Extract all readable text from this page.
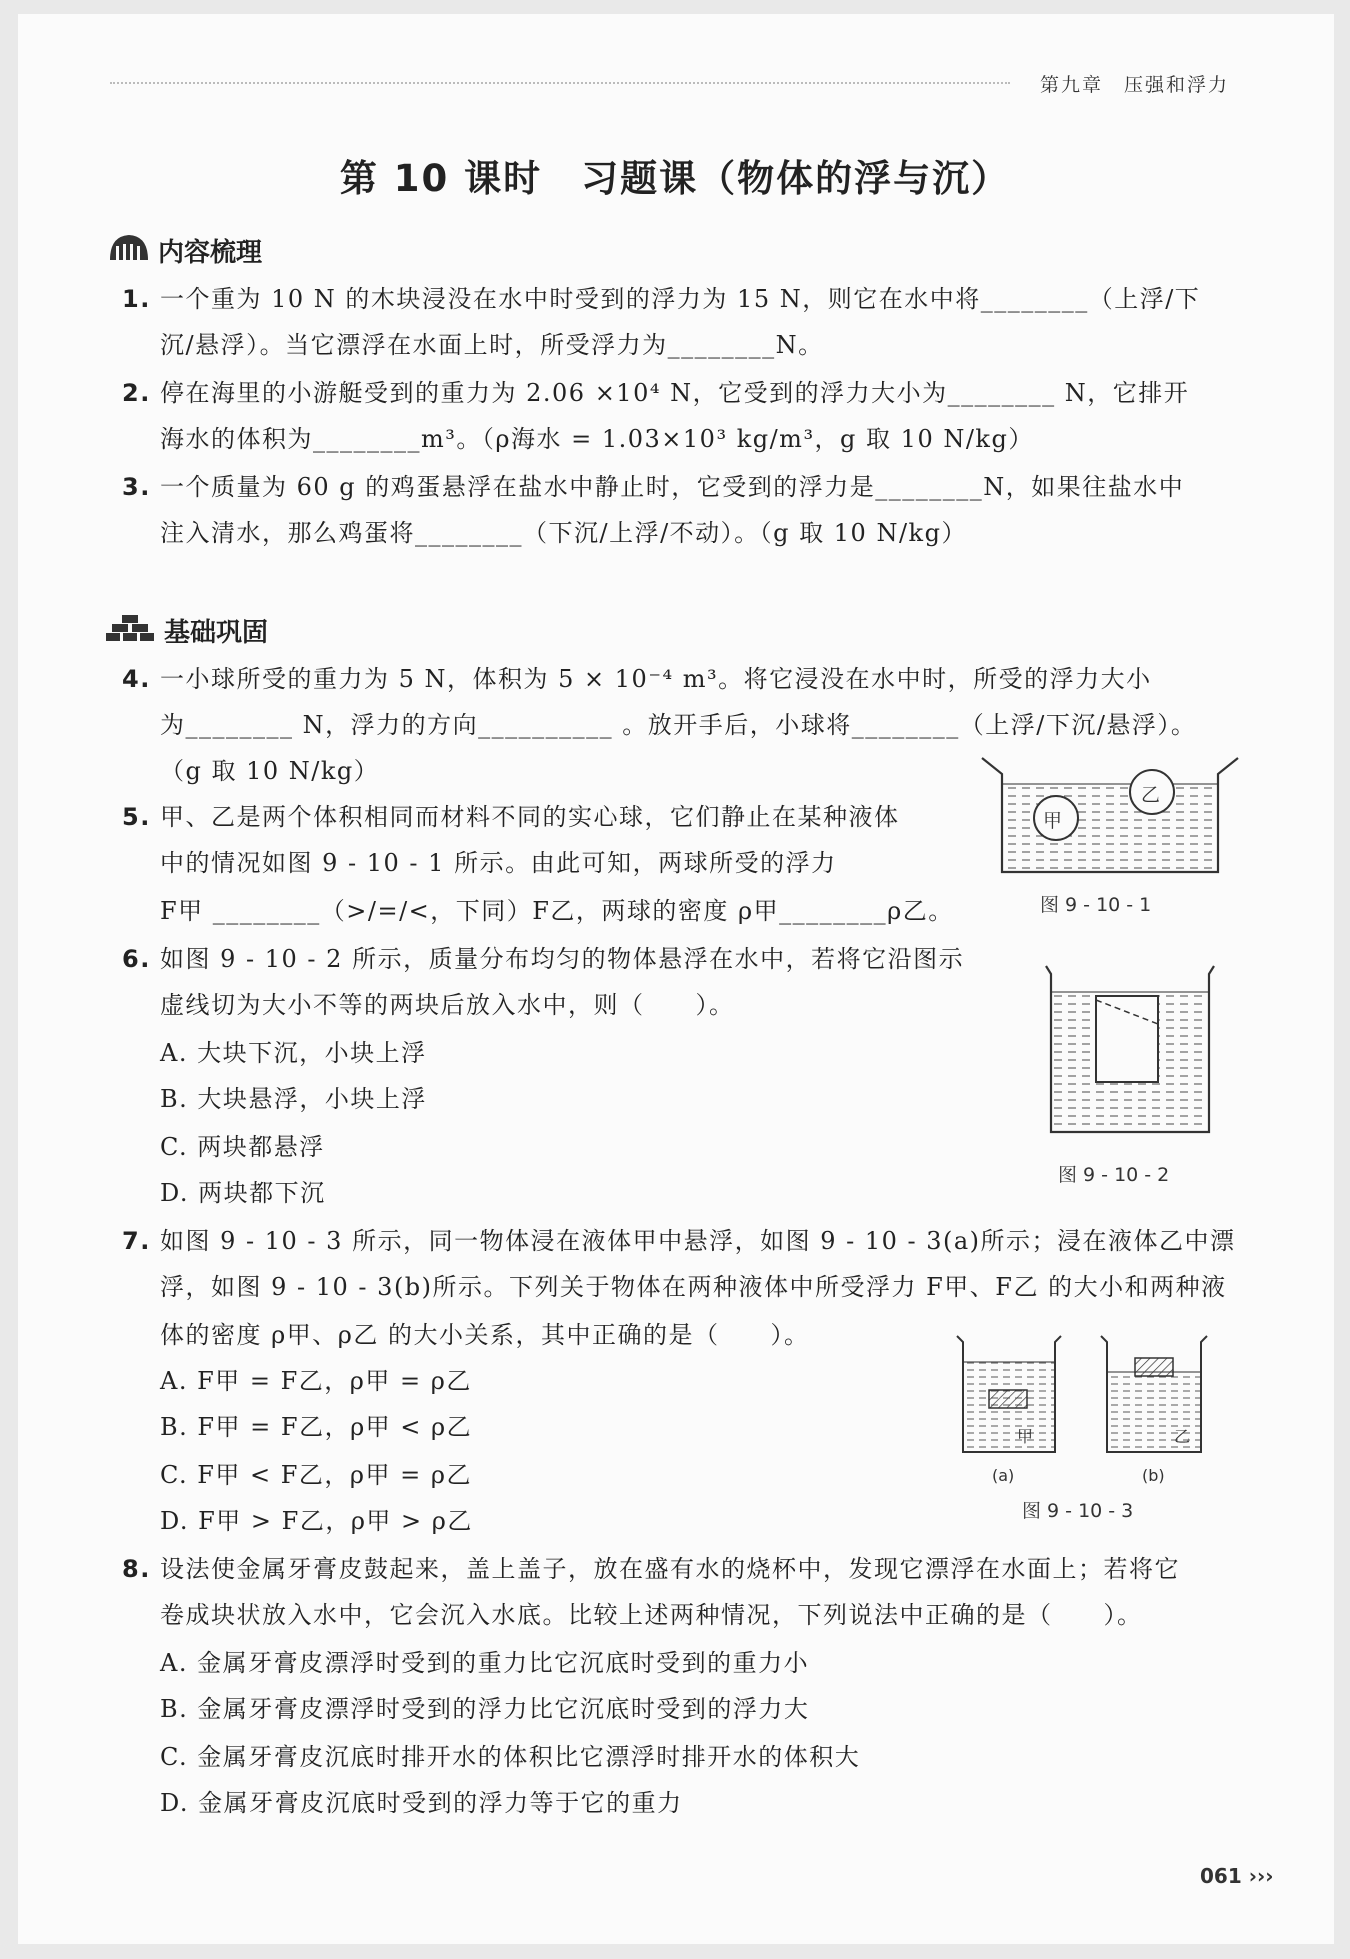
第九章　压强和浮力
第 10 课时　习题课（物体的浮与沉）
内容梳理
1. 一个重为 10 N 的木块浸没在水中时受到的浮力为 15 N，则它在水中将________（上浮/下
沉/悬浮）。当它漂浮在水面上时，所受浮力为________N。
2. 停在海里的小游艇受到的重力为 2.06 ×10⁴ N，它受到的浮力大小为________ N，它排开
海水的体积为________m³。（ρ海水 = 1.03×10³ kg/m³，g 取 10 N/kg）
3. 一个质量为 60 g 的鸡蛋悬浮在盐水中静止时，它受到的浮力是________N，如果往盐水中
注入清水，那么鸡蛋将________（下沉/上浮/不动）。（g 取 10 N/kg）
基础巩固
4. 一小球所受的重力为 5 N，体积为 5 × 10⁻⁴ m³。将它浸没在水中时，所受的浮力大小
为________ N，浮力的方向__________ 。放开手后，小球将________（上浮/下沉/悬浮）。
（g 取 10 N/kg）
甲
乙
图 9 - 10 - 1
5. 甲、乙是两个体积相同而材料不同的实心球，它们静止在某种液体
中的情况如图 9 - 10 - 1 所示。由此可知，两球所受的浮力
F甲 ________（>/=/<，下同）F乙，两球的密度 ρ甲________ρ乙。
6. 如图 9 - 10 - 2 所示，质量分布均匀的物体悬浮在水中，若将它沿图示
虚线切为大小不等的两块后放入水中，则（　　）。
A. 大块下沉，小块上浮
B. 大块悬浮，小块上浮
C. 两块都悬浮
D. 两块都下沉
图 9 - 10 - 2
7. 如图 9 - 10 - 3 所示，同一物体浸在液体甲中悬浮，如图 9 - 10 - 3(a)所示；浸在液体乙中漂
浮，如图 9 - 10 - 3(b)所示。下列关于物体在两种液体中所受浮力 F甲、F乙 的大小和两种液
体的密度 ρ甲、ρ乙 的大小关系，其中正确的是（　　）。
A. F甲 = F乙，ρ甲 = ρ乙
B. F甲 = F乙，ρ甲 < ρ乙
C. F甲 < F乙，ρ甲 = ρ乙
D. F甲 > F乙，ρ甲 > ρ乙
甲	乙
(a)	(b)
图 9 - 10 - 3
8. 设法使金属牙膏皮鼓起来，盖上盖子，放在盛有水的烧杯中，发现它漂浮在水面上；若将它
卷成块状放入水中，它会沉入水底。比较上述两种情况，下列说法中正确的是（　　）。
A. 金属牙膏皮漂浮时受到的重力比它沉底时受到的重力小
B. 金属牙膏皮漂浮时受到的浮力比它沉底时受到的浮力大
C. 金属牙膏皮沉底时排开水的体积比它漂浮时排开水的体积大
D. 金属牙膏皮沉底时受到的浮力等于它的重力
061 ›››
